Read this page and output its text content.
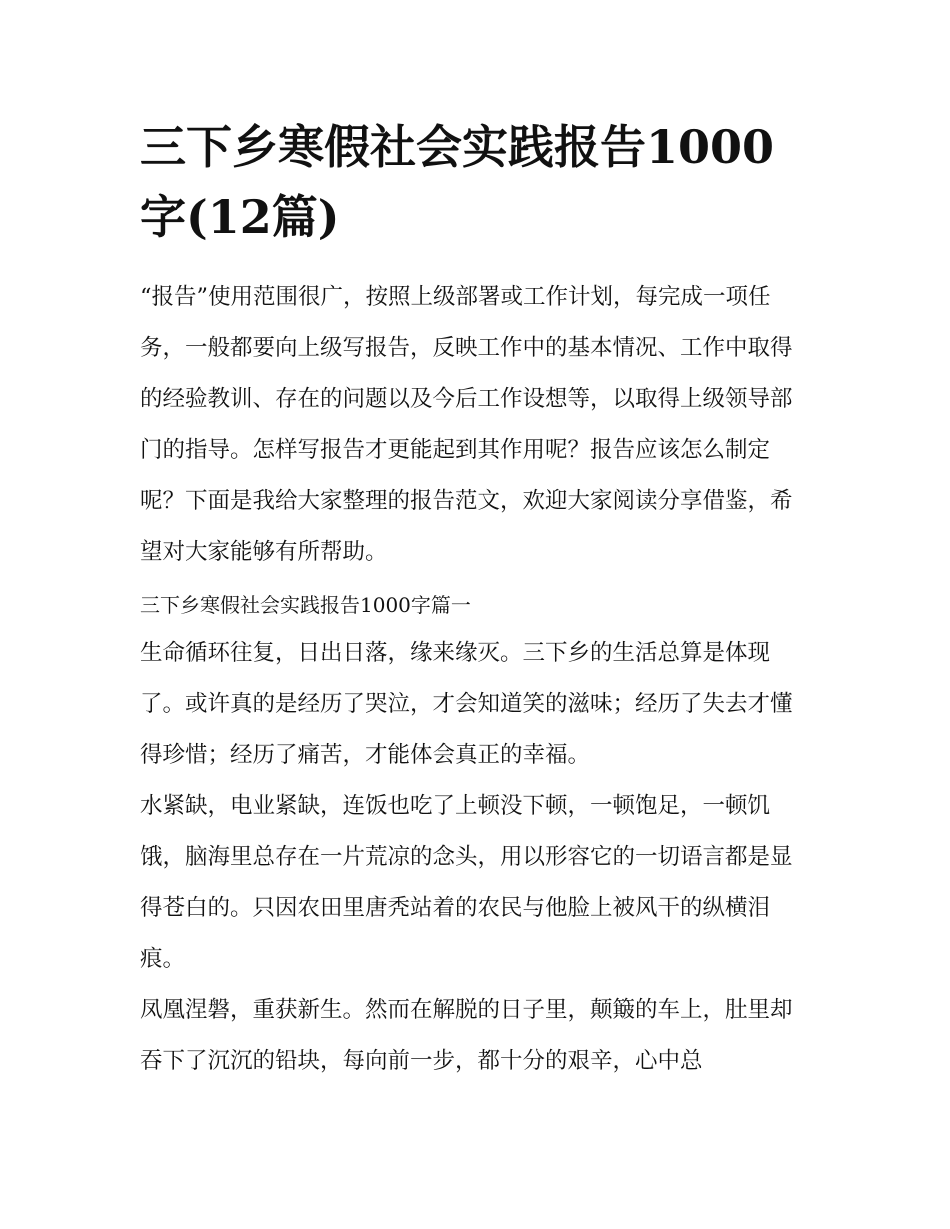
三下乡寒假社会实践报告1000字(12篇)

“报告”使用范围很广，按照上级部署或工作计划，每完成一项任务，一般都要向上级写报告，反映工作中的基本情况、工作中取得的经验教训、存在的问题以及今后工作设想等，以取得上级领导部门的指导。怎样写报告才更能起到其作用呢？报告应该怎么制定呢？下面是我给大家整理的报告范文，欢迎大家阅读分享借鉴，希望对大家能够有所帮助。

三下乡寒假社会实践报告1000字篇一

生命循环往复，日出日落，缘来缘灭。三下乡的生活总算是体现了。或许真的是经历了哭泣，才会知道笑的滋味；经历了失去才懂得珍惜；经历了痛苦，才能体会真正的幸福。

水紧缺，电业紧缺，连饭也吃了上顿没下顿，一顿饱足，一顿饥饿，脑海里总存在一片荒凉的念头，用以形容它的一切语言都是显得苍白的。只因农田里唐秃站着的农民与他脸上被风干的纵横泪痕。

凤凰涅磐，重获新生。然而在解脱的日子里，颠簸的车上，肚里却吞下了沉沉的铅块，每向前一步，都十分的艰辛，心中总
